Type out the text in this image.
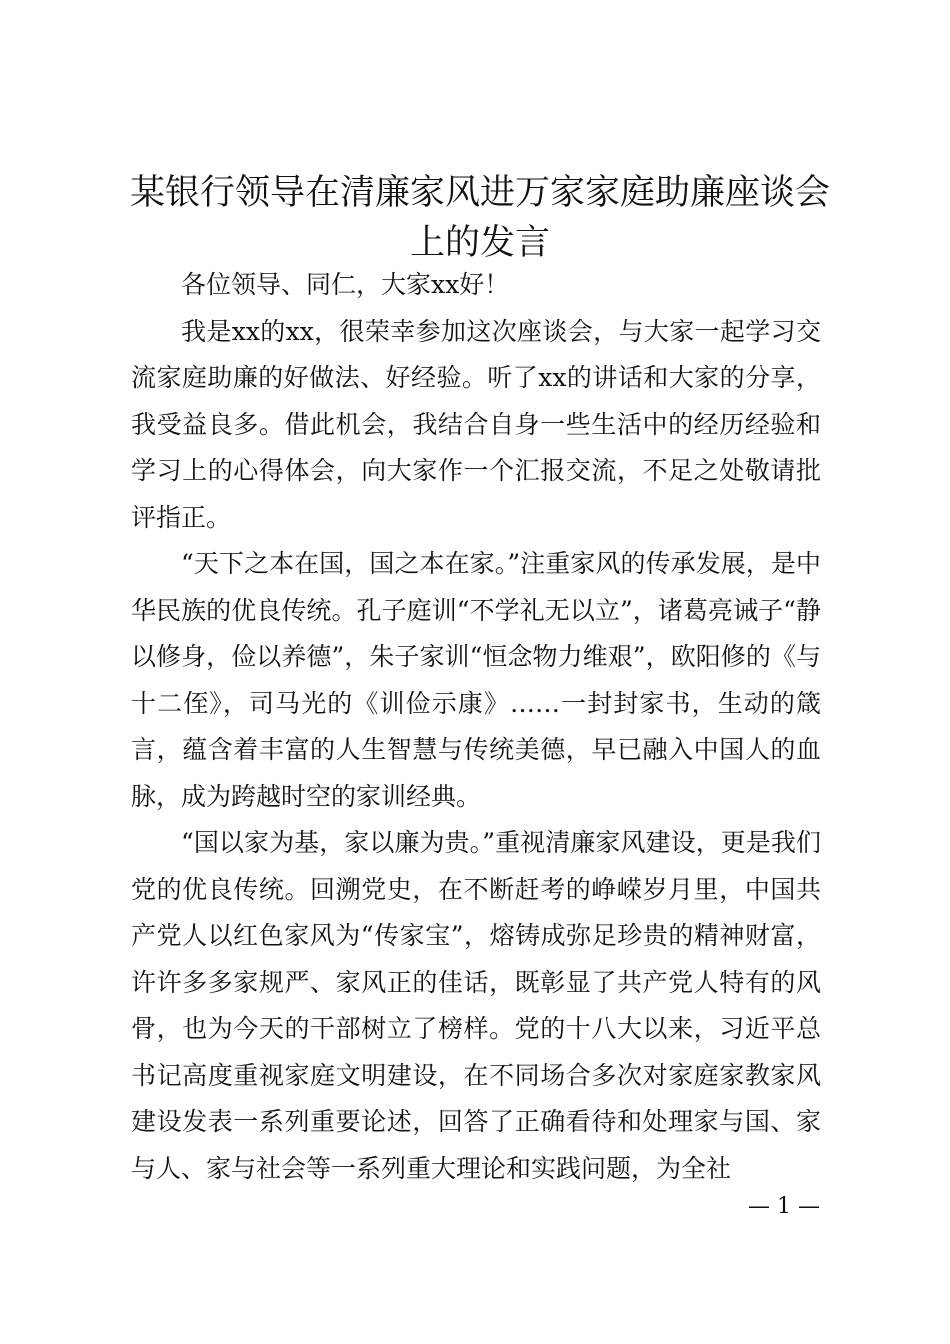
某银行领导在清廉家风进万家家庭助廉座谈会
上的发言

各位领导、同仁，大家xx好！

我是xx的xx，很荣幸参加这次座谈会，与大家一起学习交流家庭助廉的好做法、好经验。听了xx的讲话和大家的分享，我受益良多。借此机会，我结合自身一些生活中的经历经验和学习上的心得体会，向大家作一个汇报交流，不足之处敬请批评指正。

“天下之本在国，国之本在家。”注重家风的传承发展，是中华民族的优良传统。孔子庭训“不学礼无以立”，诸葛亮诫子“静以修身，俭以养德”，朱子家训“恒念物力维艰”，欧阳修的《与十二侄》，司马光的《训俭示康》……一封封家书，生动的箴言，蕴含着丰富的人生智慧与传统美德，早已融入中国人的血脉，成为跨越时空的家训经典。

“国以家为基，家以廉为贵。”重视清廉家风建设，更是我们党的优良传统。回溯党史，在不断赶考的峥嵘岁月里，中国共产党人以红色家风为“传家宝”，熔铸成弥足珍贵的精神财富，许许多多家规严、家风正的佳话，既彰显了共产党人特有的风骨，也为今天的干部树立了榜样。党的十八大以来，习近平总书记高度重视家庭文明建设，在不同场合多次对家庭家教家风建设发表一系列重要论述，回答了正确看待和处理家与国、家与人、家与社会等一系列重大理论和实践问题，为全社

— 1 —
